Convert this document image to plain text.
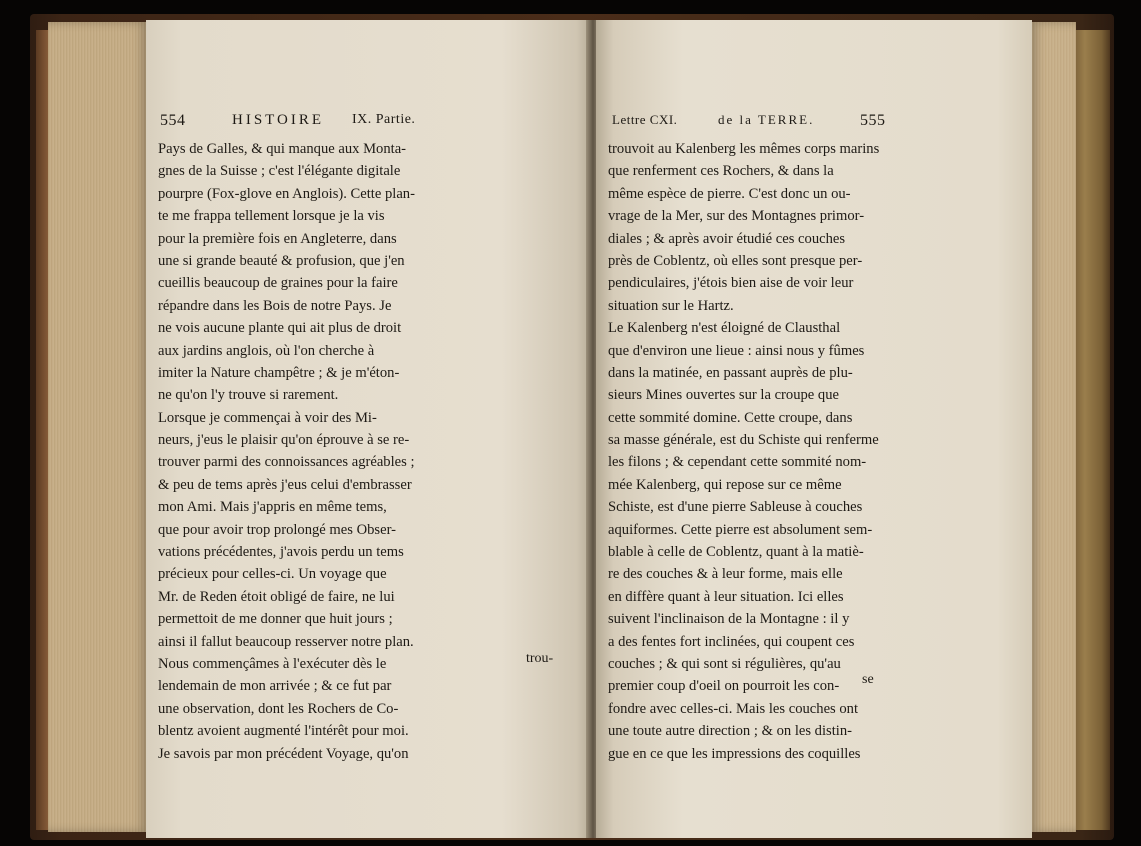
554	HISTOIRE IX. Partie.
Pays de Galles, & qui manque aux Monta-
gnes de la Suisse ; c'est l'élégante digitale
pourpre (Fox-glove en Anglois). Cette plan-
te me frappa tellement lorsque je la vis
pour la première fois en Angleterre, dans
une si grande beauté & profusion, que j'en
cueillis beaucoup de graines pour la faire
répandre dans les Bois de notre Pays. Je
ne vois aucune plante qui ait plus de droit
aux jardins anglois, où l'on cherche à
imiter la Nature champêtre ; & je m'éton-
ne qu'on l'y trouve si rarement.
Lorsque je commençai à voir des Mi-
neurs, j'eus le plaisir qu'on éprouve à se re-
trouver parmi des connoissances agréables ;
& peu de tems après j'eus celui d'embrasser
mon Ami. Mais j'appris en même tems,
que pour avoir trop prolongé mes Obser-
vations précédentes, j'avois perdu un tems
précieux pour celles-ci. Un voyage que
Mr. de Reden étoit obligé de faire, ne lui
permettoit de me donner que huit jours ;
ainsi il fallut beaucoup resserver notre plan.
Nous commençâmes à l'exécuter dès le
lendemain de mon arrivée ; & ce fut par
une observation, dont les Rochers de Co-
blentz avoient augmenté l'intérêt pour moi.
Je savois par mon précédent Voyage, qu'on
trou-
Lettre CXI.	de la TERRE.	555
trouvoit au Kalenberg les mêmes corps marins
que renferment ces Rochers, & dans la
même espèce de pierre. C'est donc un ou-
vrage de la Mer, sur des Montagnes primor-
diales ; & après avoir étudié ces couches
près de Coblentz, où elles sont presque per-
pendiculaires, j'étois bien aise de voir leur
situation sur le Hartz.
Le Kalenberg n'est éloigné de Clausthal
que d'environ une lieue : ainsi nous y fûmes
dans la matinée, en passant auprès de plu-
sieurs Mines ouvertes sur la croupe que
cette sommité domine. Cette croupe, dans
sa masse générale, est du Schiste qui renferme
les filons ; & cependant cette sommité nom-
mée Kalenberg, qui repose sur ce même
Schiste, est d'une pierre Sableuse à couches
aquiformes. Cette pierre est absolument sem-
blable à celle de Coblentz, quant à la matiè-
re des couches & à leur forme, mais elle
en diffère quant à leur situation. Ici elles
suivent l'inclinaison de la Montagne : il y
a des fentes fort inclinées, qui coupent ces
couches ; & qui sont si régulières, qu'au
premier coup d'oeil on pourroit les con-
fondre avec celles-ci. Mais les couches ont
une toute autre direction ; & on les distin-
gue en ce que les impressions des coquilles
se
